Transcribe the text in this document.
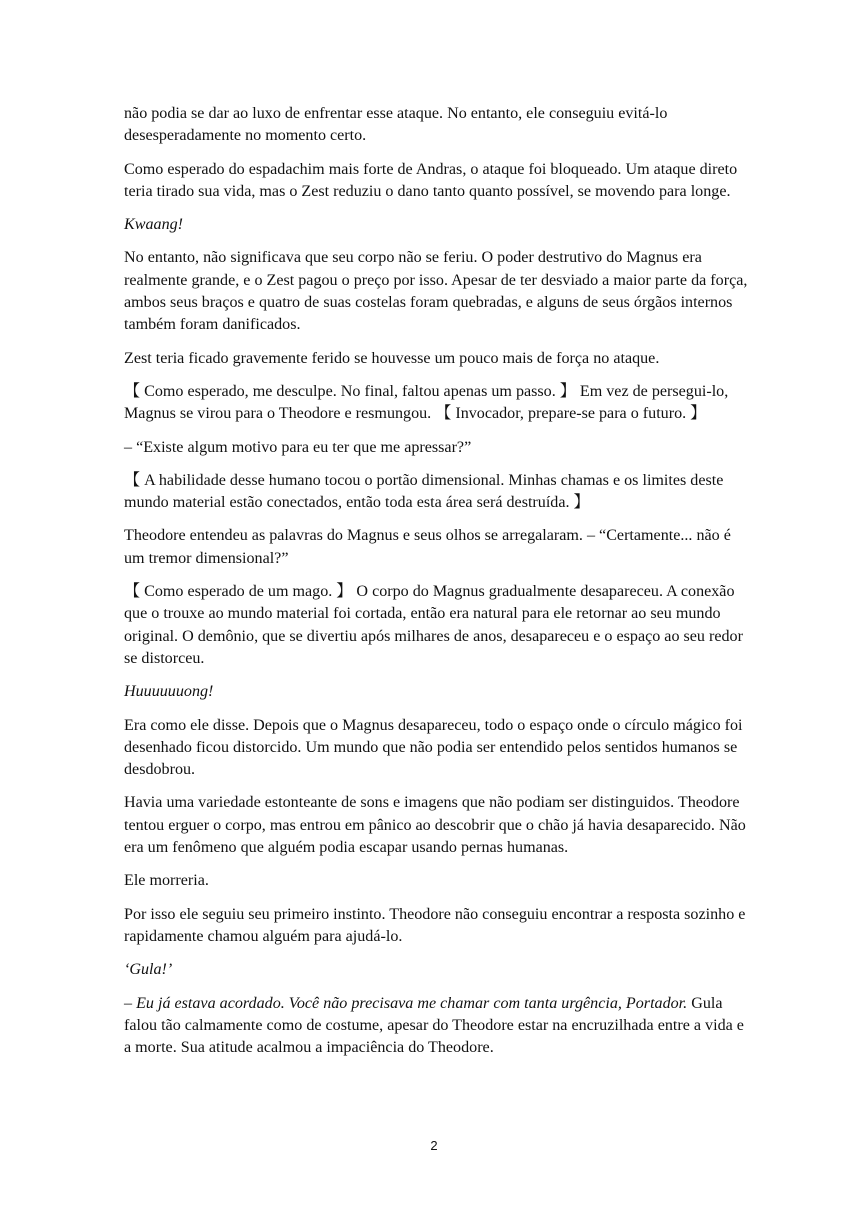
não podia se dar ao luxo de enfrentar esse ataque. No entanto, ele conseguiu evitá-lo desesperadamente no momento certo.

Como esperado do espadachim mais forte de Andras, o ataque foi bloqueado. Um ataque direto teria tirado sua vida, mas o Zest reduziu o dano tanto quanto possível, se movendo para longe.

Kwaang!

No entanto, não significava que seu corpo não se feriu. O poder destrutivo do Magnus era realmente grande, e o Zest pagou o preço por isso. Apesar de ter desviado a maior parte da força, ambos seus braços e quatro de suas costelas foram quebradas, e alguns de seus órgãos internos também foram danificados.

Zest teria ficado gravemente ferido se houvesse um pouco mais de força no ataque.

【 Como esperado, me desculpe. No final, faltou apenas um passo. 】 Em vez de persegui-lo, Magnus se virou para o Theodore e resmungou. 【 Invocador, prepare-se para o futuro. 】

– “Existe algum motivo para eu ter que me apressar?”

【 A habilidade desse humano tocou o portão dimensional. Minhas chamas e os limites deste mundo material estão conectados, então toda esta área será destruída. 】

Theodore entendeu as palavras do Magnus e seus olhos se arregalaram. – “Certamente... não é um tremor dimensional?”

【 Como esperado de um mago. 】 O corpo do Magnus gradualmente desapareceu. A conexão que o trouxe ao mundo material foi cortada, então era natural para ele retornar ao seu mundo original. O demônio, que se divertiu após milhares de anos, desapareceu e o espaço ao seu redor se distorceu.

Huuuuuuong!

Era como ele disse. Depois que o Magnus desapareceu, todo o espaço onde o círculo mágico foi desenhado ficou distorcido. Um mundo que não podia ser entendido pelos sentidos humanos se desdobrou.

Havia uma variedade estonteante de sons e imagens que não podiam ser distinguidos. Theodore tentou erguer o corpo, mas entrou em pânico ao descobrir que o chão já havia desaparecido. Não era um fenômeno que alguém podia escapar usando pernas humanas.

Ele morreria.

Por isso ele seguiu seu primeiro instinto. Theodore não conseguiu encontrar a resposta sozinho e rapidamente chamou alguém para ajudá-lo.

‘Gula!’

– Eu já estava acordado. Você não precisava me chamar com tanta urgência, Portador. Gula falou tão calmamente como de costume, apesar do Theodore estar na encruzilhada entre a vida e a morte. Sua atitude acalmou a impaciência do Theodore.

2
